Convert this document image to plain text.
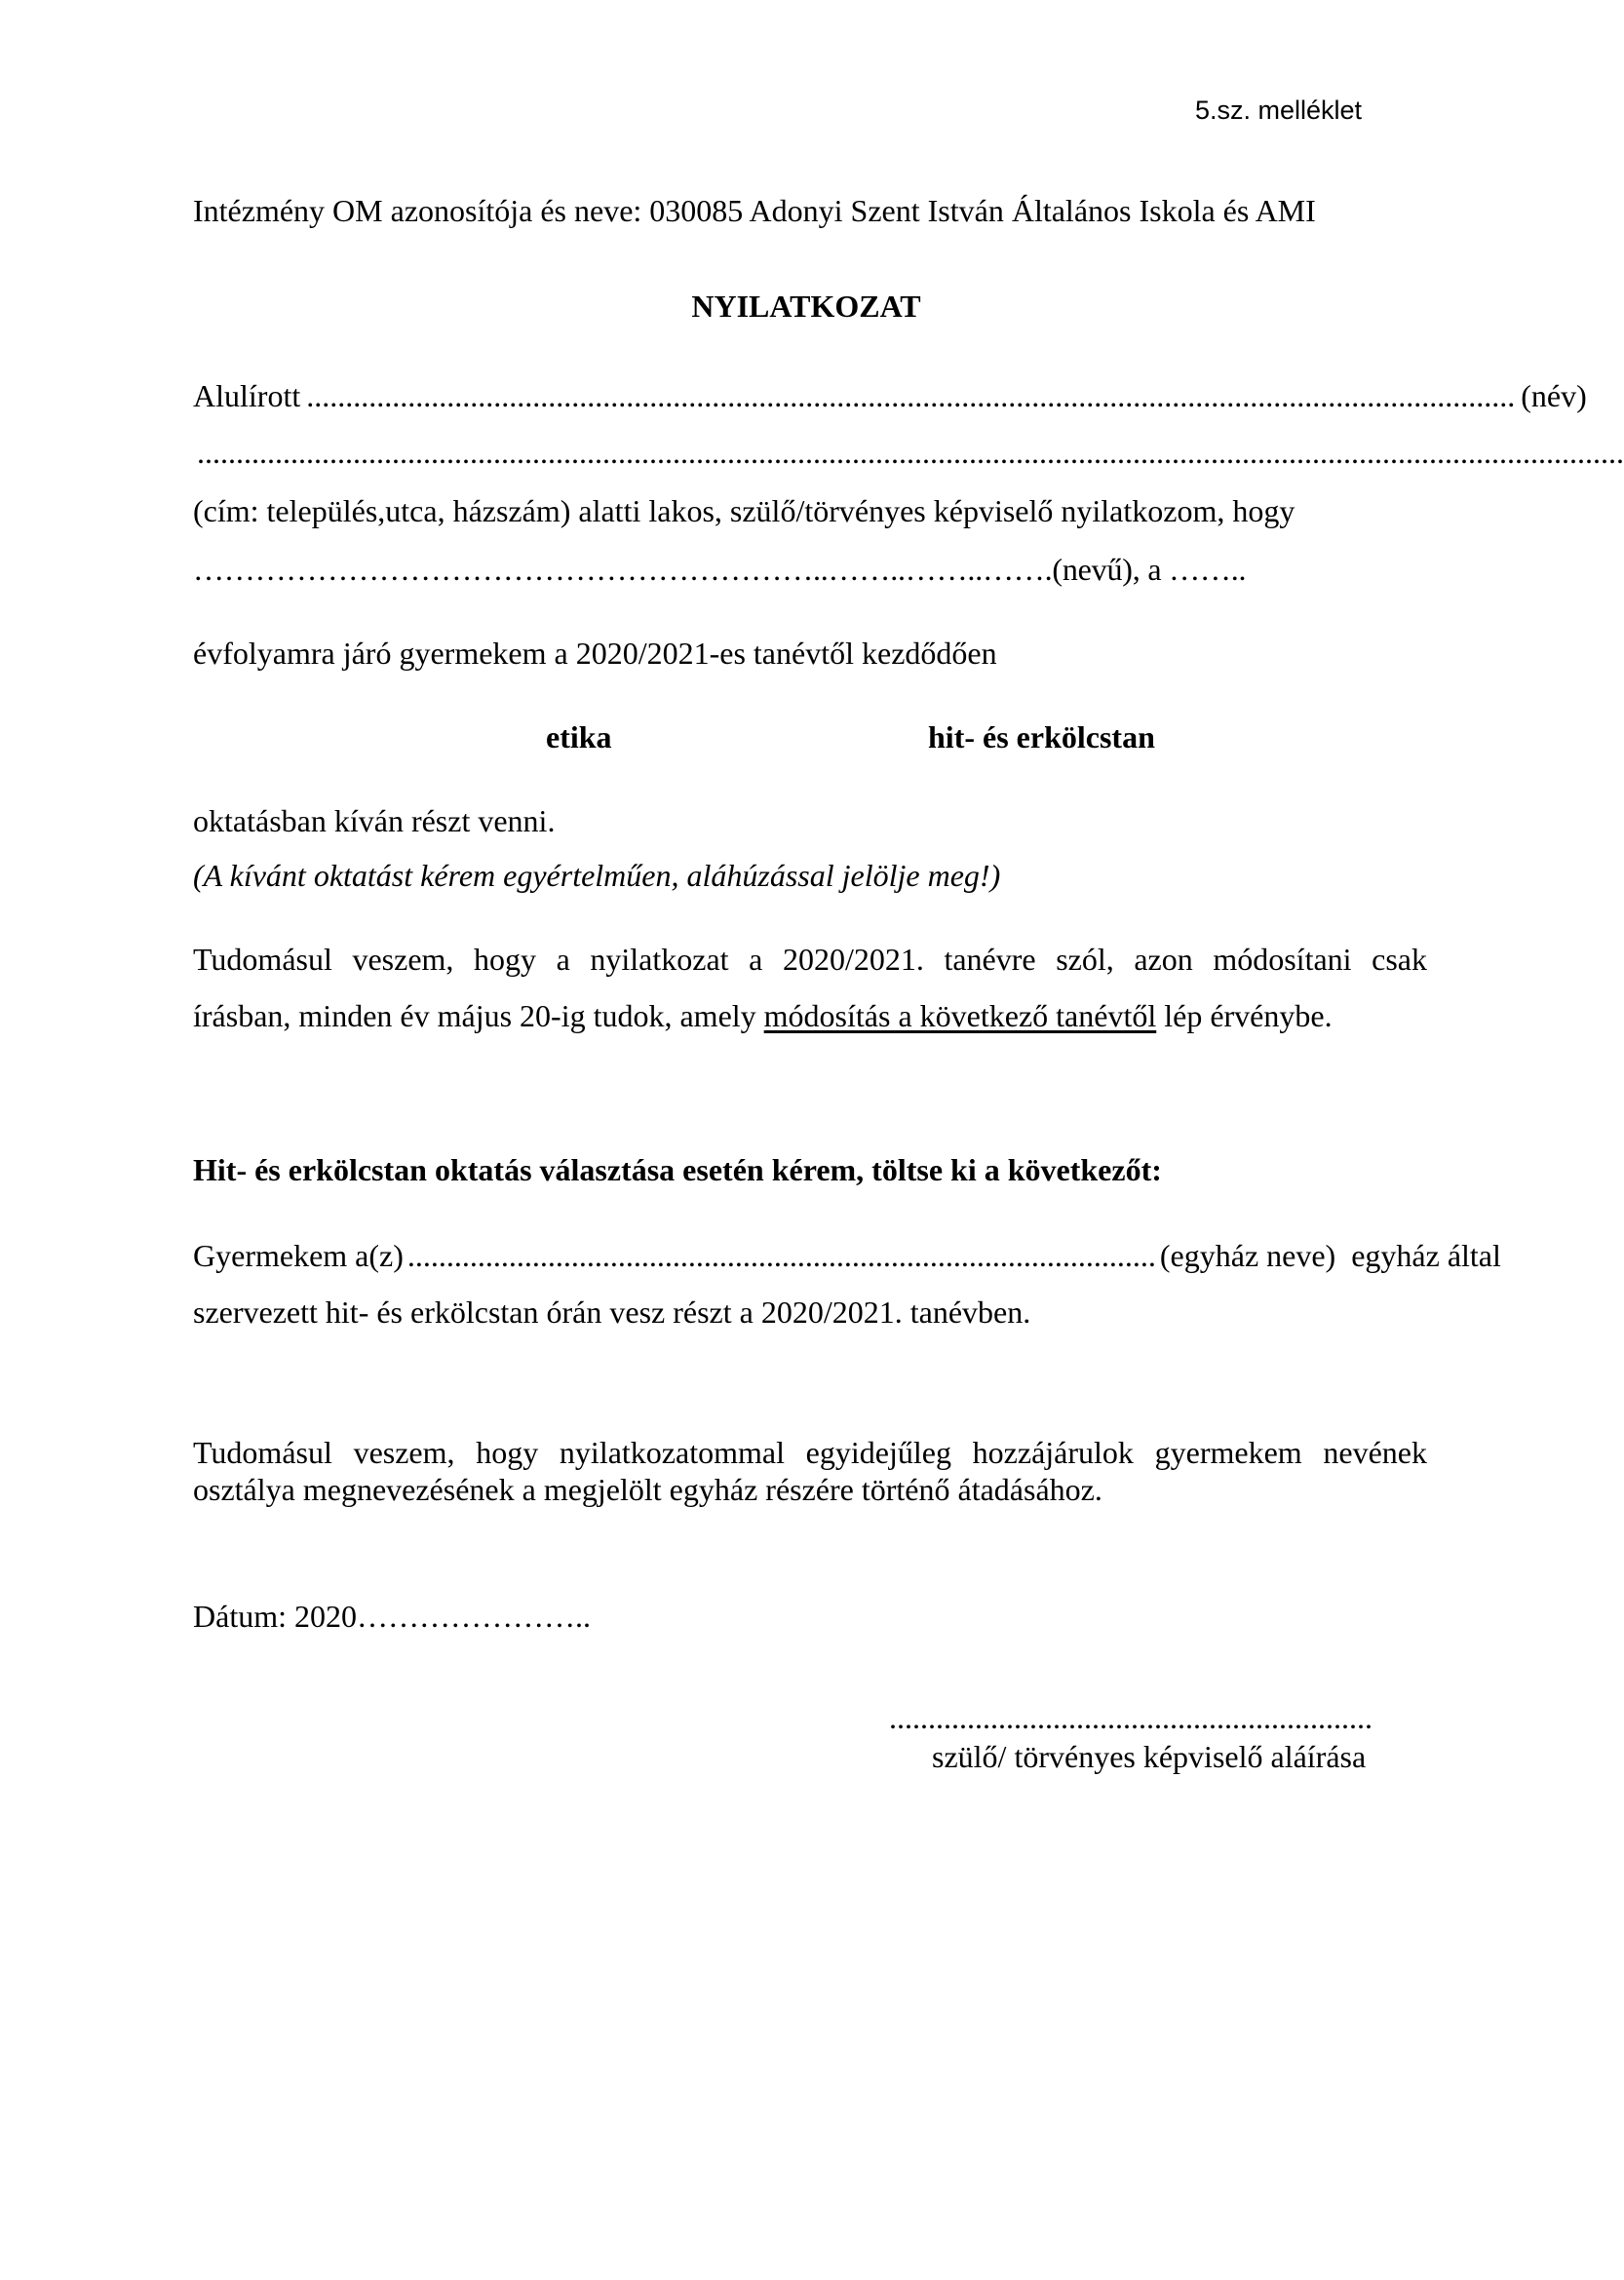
5.sz. melléklet
Intézmény OM azonosítója és neve: 030085 Adonyi Szent István Általános Iskola és AMI
NYILATKOZAT
Alulírott ........................................................................................................................................................... (név)
.......................................................................................................................................................................................
(cím: település,utca, házszám) alatti lakos, szülő/törvényes képviselő nyilatkozom, hogy
……………………………………………………..……..……..…….(nevű), a ……..
évfolyamra járó gyermekem a 2020/2021-es tanévtől kezdődően
etika	hit- és erkölcstan
oktatásban kíván részt venni.
(A kívánt oktatást kérem egyértelműen, aláhúzással jelölje meg!)
Tudomásul veszem, hogy a nyilatkozat a 2020/2021. tanévre szól, azon módosítani csak
írásban, minden év május 20-ig tudok, amely módosítás a következő tanévtől lép érvénybe.
Hit- és erkölcstan oktatás választása esetén kérem, töltse ki a következőt:
Gyermekem a(z) ................................................................................................ (egyház neve)  egyház által
szervezett hit- és erkölcstan órán vesz részt a 2020/2021. tanévben.
Tudomásul veszem, hogy nyilatkozatommal egyidejűleg hozzájárulok gyermekem nevének
osztálya megnevezésének a megjelölt egyház részére történő átadásához.
Dátum: 2020…………………..
..............................................................
szülő/ törvényes képviselő aláírása
